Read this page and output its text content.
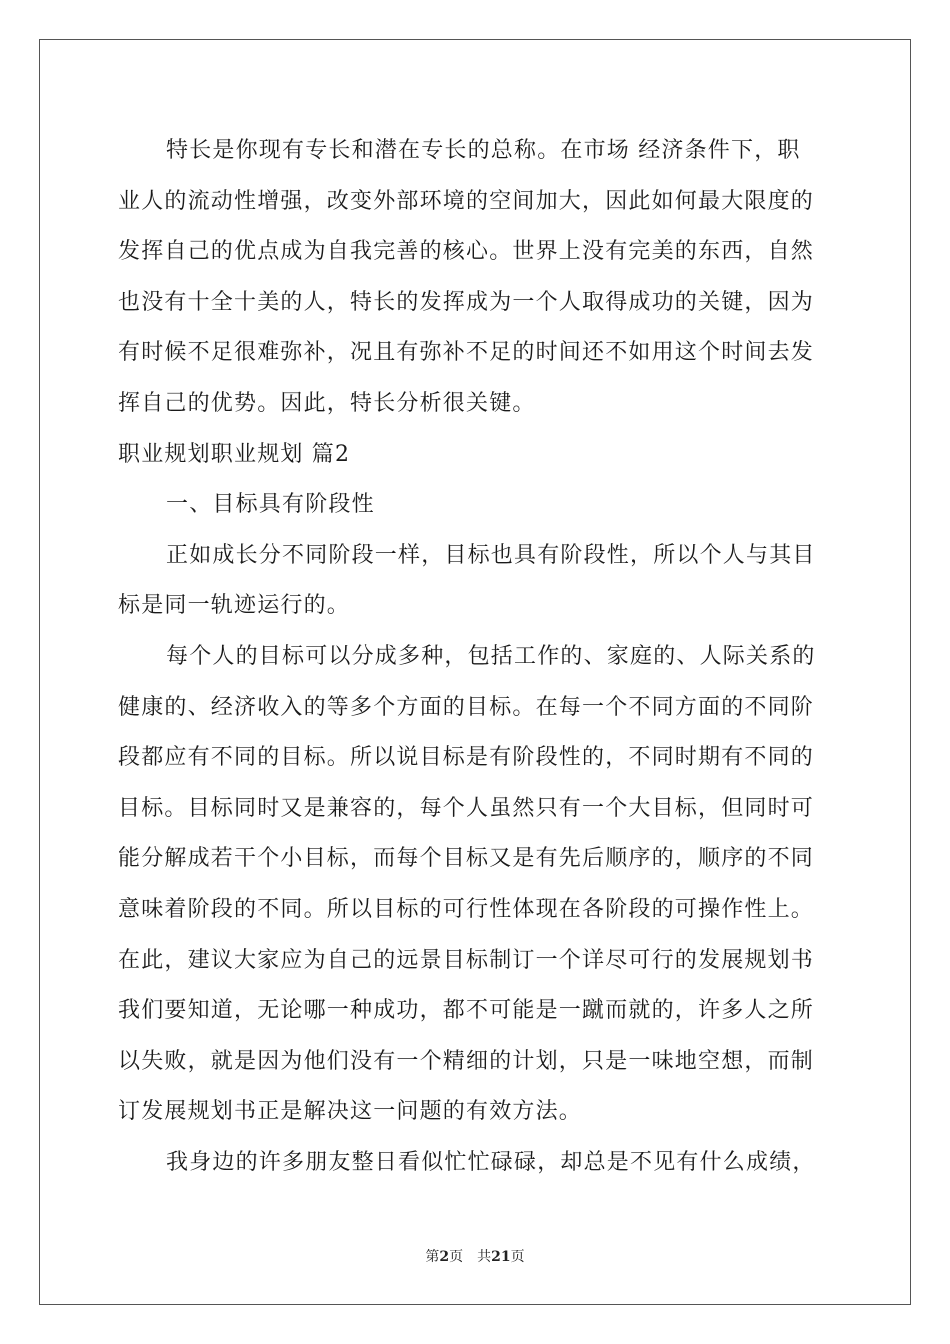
特长是你现有专长和潜在专长的总称。在市场 经济条件下，职
业人的流动性增强，改变外部环境的空间加大，因此如何最大限度的
发挥自己的优点成为自我完善的核心。世界上没有完美的东西，自然
也没有十全十美的人，特长的发挥成为一个人取得成功的关键，因为
有时候不足很难弥补，况且有弥补不足的时间还不如用这个时间去发
挥自己的优势。因此，特长分析很关键。
职业规划职业规划 篇2
一、目标具有阶段性
正如成长分不同阶段一样，目标也具有阶段性，所以个人与其目
标是同一轨迹运行的。
每个人的目标可以分成多种，包括工作的、家庭的、人际关系的
健康的、经济收入的等多个方面的目标。在每一个不同方面的不同阶
段都应有不同的目标。所以说目标是有阶段性的，不同时期有不同的
目标。目标同时又是兼容的，每个人虽然只有一个大目标，但同时可
能分解成若干个小目标，而每个目标又是有先后顺序的，顺序的不同
意味着阶段的不同。所以目标的可行性体现在各阶段的可操作性上。
在此，建议大家应为自己的远景目标制订一个详尽可行的发展规划书
我们要知道，无论哪一种成功，都不可能是一蹴而就的，许多人之所
以失败，就是因为他们没有一个精细的计划，只是一味地空想，而制
订发展规划书正是解决这一问题的有效方法。
我身边的许多朋友整日看似忙忙碌碌，却总是不见有什么成绩，
第2页 共21页
